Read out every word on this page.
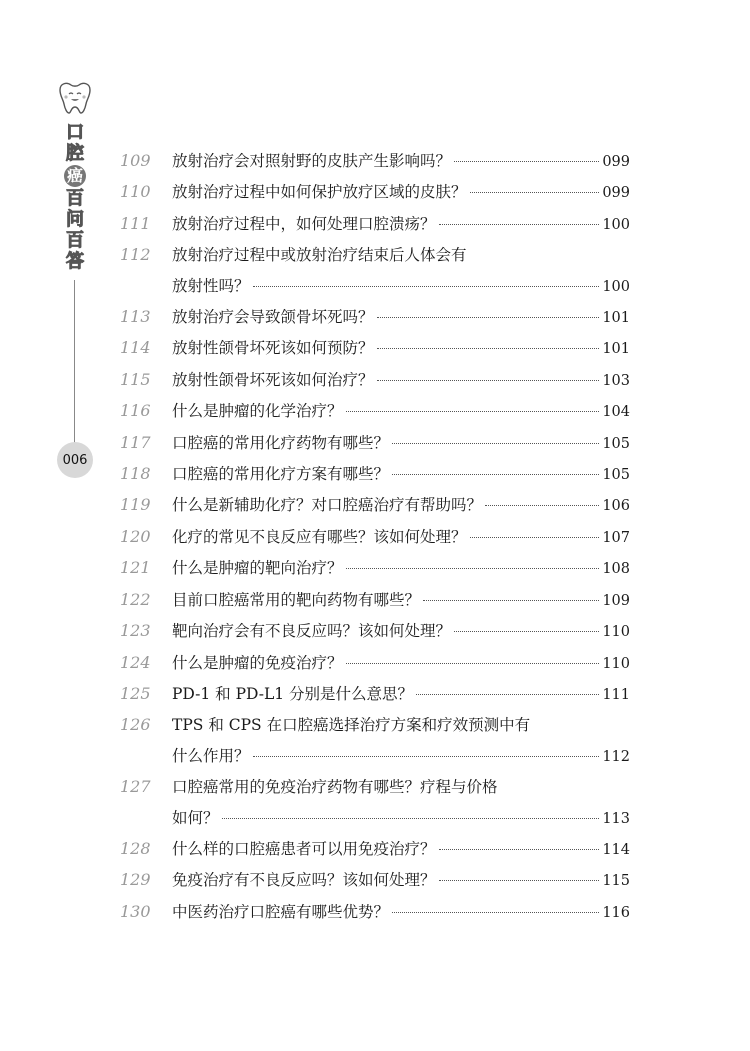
口
腔
癌
百
问
百
答
006
109	放射治疗会对照射野的皮肤产生影响吗？	099
110	放射治疗过程中如何保护放疗区域的皮肤？	099
111	放射治疗过程中，如何处理口腔溃疡？	100
112	放射治疗过程中或放射治疗结束后人体会有
放射性吗？	100
113	放射治疗会导致颌骨坏死吗？	101
114	放射性颌骨坏死该如何预防？	101
115	放射性颌骨坏死该如何治疗？	103
116	什么是肿瘤的化学治疗？	104
117	口腔癌的常用化疗药物有哪些？	105
118	口腔癌的常用化疗方案有哪些？	105
119	什么是新辅助化疗？对口腔癌治疗有帮助吗？	106
120	化疗的常见不良反应有哪些？该如何处理？	107
121	什么是肿瘤的靶向治疗？	108
122	目前口腔癌常用的靶向药物有哪些？	109
123	靶向治疗会有不良反应吗？该如何处理？	110
124	什么是肿瘤的免疫治疗？	110
125	PD-1 和 PD-L1 分别是什么意思？	111
126	TPS 和 CPS 在口腔癌选择治疗方案和疗效预测中有
什么作用？	112
127	口腔癌常用的免疫治疗药物有哪些？疗程与价格
如何？	113
128	什么样的口腔癌患者可以用免疫治疗？	114
129	免疫治疗有不良反应吗？该如何处理？	115
130	中医药治疗口腔癌有哪些优势？	116
